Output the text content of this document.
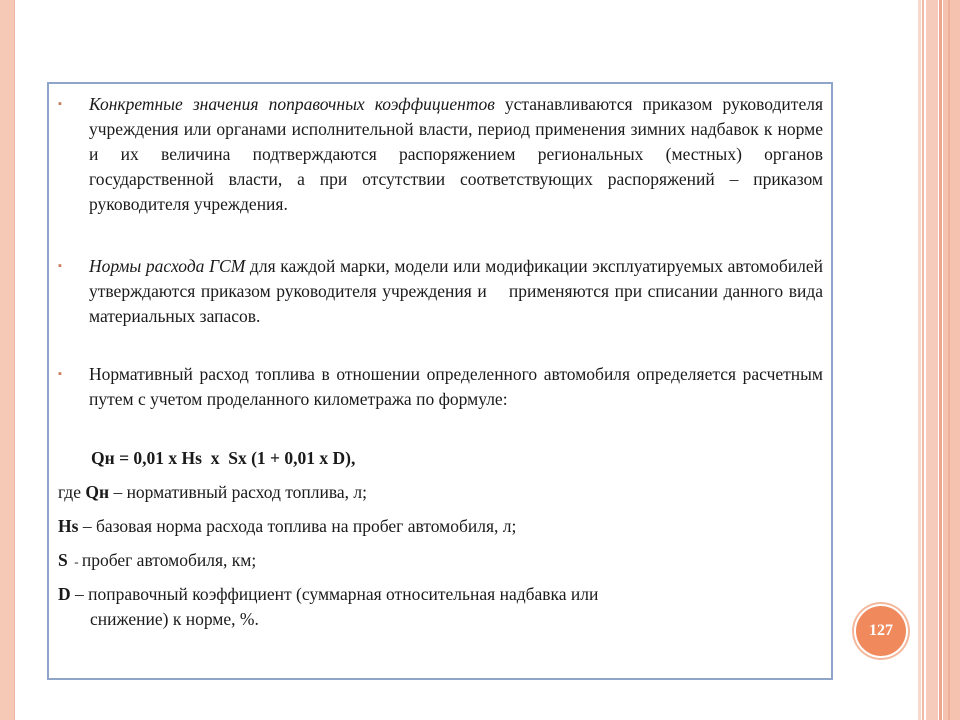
▪ Конкретные значения поправочных коэффициентов устанавливаются приказом руководителя учреждения или органами исполнительной власти, период применения зимних надбавок к норме и их величина подтверждаются распоряжением региональных (местных) органов государственной власти, а при отсутствии соответствующих распоряжений – приказом руководителя учреждения.
▪ Нормы расхода ГСМ для каждой марки, модели или модификации эксплуатируемых автомобилей утверждаются приказом руководителя учреждения и    применяются при списании данного вида материальных запасов.
▪ Нормативный расход топлива в отношении определенного автомобиля определяется расчетным путем с учетом проделанного километража по формуле:
Qн = 0,01 х Hs  х  Sх (1 + 0,01 х D),
где Qн – нормативный расход топлива, л;
Hs – базовая норма расхода топлива на пробег автомобиля, л;
S  - пробег автомобиля, км;
D – поправочный коэффициент (суммарная относительная надбавка или
снижение) к норме, %.
127
